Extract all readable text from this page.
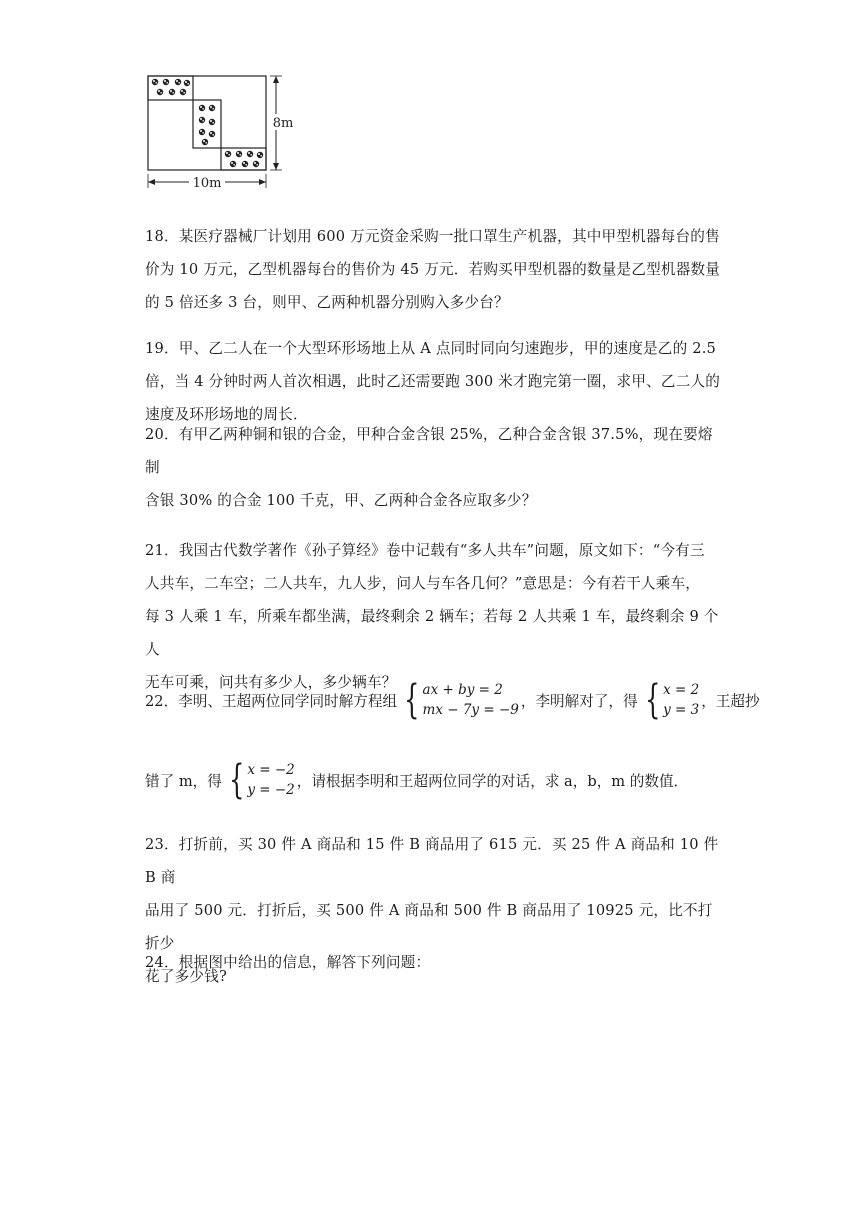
8m
10m
18．某医疗器械厂计划用 600 万元资金采购一批口罩生产机器，其中甲型机器每台的售
价为 10 万元，乙型机器每台的售价为 45 万元．若购买甲型机器的数量是乙型机器数量
的 5 倍还多 3 台，则甲、乙两种机器分别购入多少台？
19．甲、乙二人在一个大型环形场地上从 A 点同时同向匀速跑步，甲的速度是乙的 2.5
倍，当 4 分钟时两人首次相遇，此时乙还需要跑 300 米才跑完第一圈，求甲、乙二人的
速度及环形场地的周长．
20．有甲乙两种铜和银的合金，甲种合金含银 25%，乙种合金含银 37.5%，现在要熔制
含银 30% 的合金 100 千克，甲、乙两种合金各应取多少？
21．我国古代数学著作《孙子算经》卷中记载有“多人共车”问题，原文如下：“今有三
人共车，二车空；二人共车，九人步，问人与车各几何？”意思是：今有若干人乘车，
每 3 人乘 1 车，所乘车都坐满，最终剩余 2 辆车；若每 2 人共乘 1 车，最终剩余 9 个人
无车可乘，问共有多少人，多少辆车？
22．李明、王超两位同学同时解方程组 { ax + by = 2
mx − 7y = −9
，李明解对了，得 { x = 2
y = 3
，王超抄
错了 m，得 { x = −2
y = −2
，请根据李明和王超两位同学的对话，求 a，b，m 的数值．
23．打折前，买 30 件 A 商品和 15 件 B 商品用了 615 元．买 25 件 A 商品和 10 件 B 商
品用了 500 元．打折后，买 500 件 A 商品和 500 件 B 商品用了 10925 元，比不打折少
花了多少钱?
24．根据图中给出的信息，解答下列问题：
